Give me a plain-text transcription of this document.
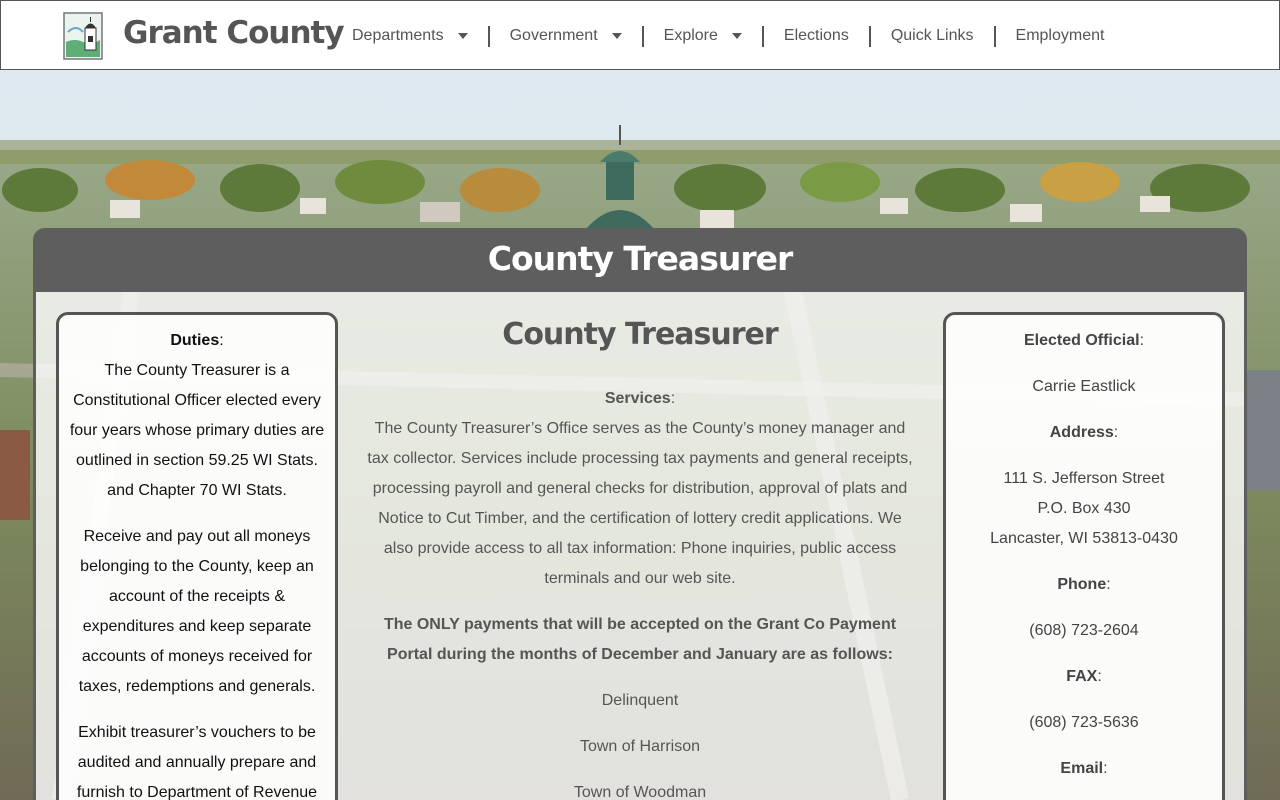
Grant County Departments	Government	Explore	Elections	Quick Links	Employment
County Treasurer

Duties:
The County Treasurer is a Constitutional Officer elected every four years whose primary duties are outlined in section 59.25 WI Stats. and Chapter 70 WI Stats.

Receive and pay out all moneys belonging to the County, keep an account of the receipts & expenditures and keep separate accounts of moneys received for taxes, redemptions and generals.

Exhibit treasurer’s vouchers to be audited and annually prepare and furnish to Department of Revenue

County Treasurer

Services:
The County Treasurer’s Office serves as the County’s money manager and tax collector. Services include processing tax payments and general receipts, processing payroll and general checks for distribution, approval of plats and Notice to Cut Timber, and the certification of lottery credit applications. We also provide access to all tax information: Phone inquiries, public access terminals and our web site.

The ONLY payments that will be accepted on the Grant Co Payment Portal during the months of December and January are as follows:

Delinquent

Town of Harrison

Town of Woodman

Elected Official:

Carrie Eastlick

Address:

111 S. Jefferson Street
P.O. Box 430
Lancaster, WI 53813-0430

Phone:

(608) 723-2604

FAX:

(608) 723-5636

Email:
